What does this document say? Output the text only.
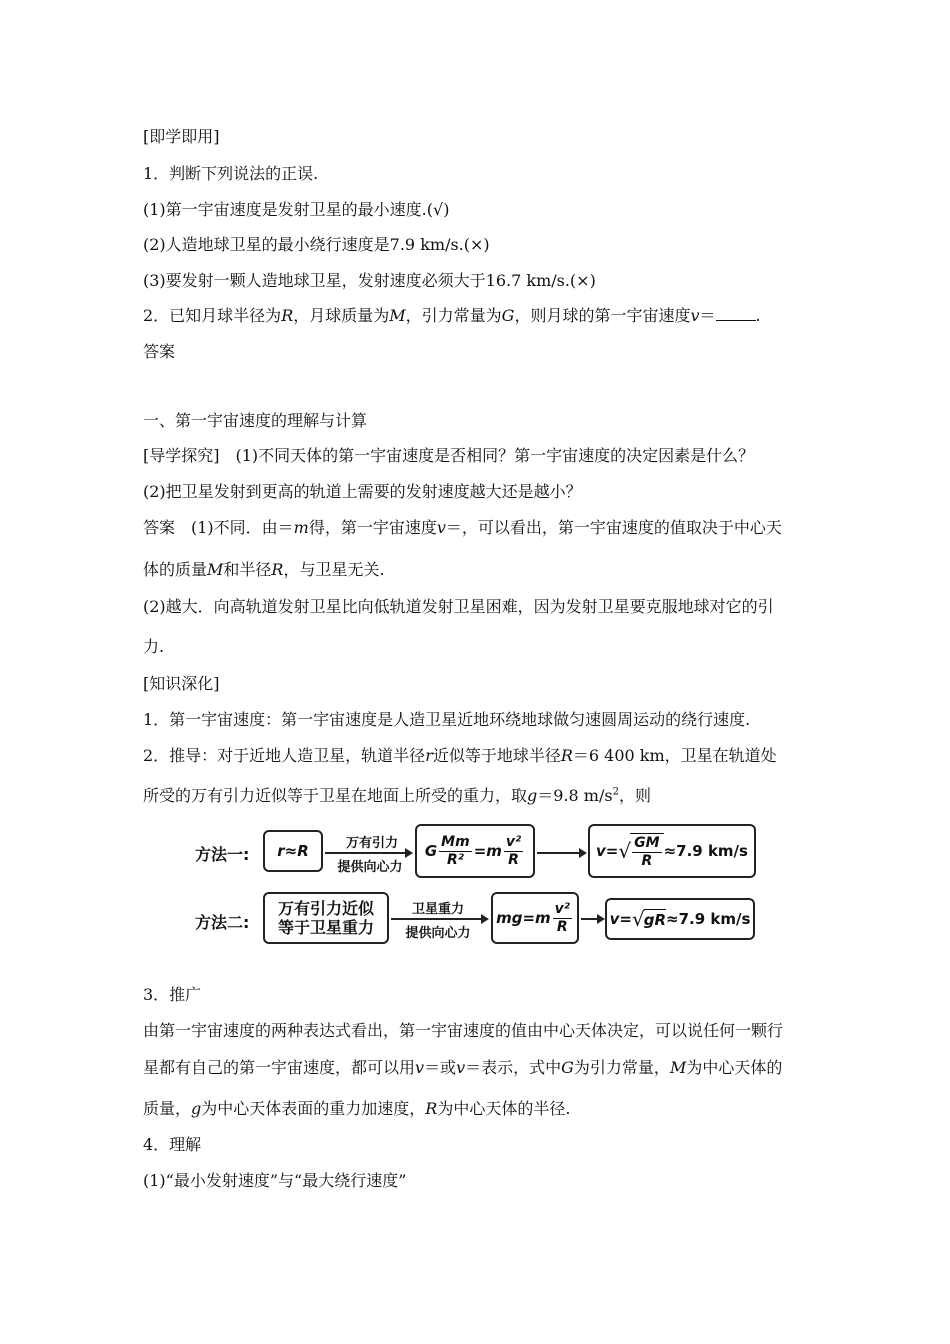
[即学即用]
1．判断下列说法的正误.
(1)第一宇宙速度是发射卫星的最小速度.(√)
(2)人造地球卫星的最小绕行速度是7.9 km/s.(×)
(3)要发射一颗人造地球卫星，发射速度必须大于16.7 km/s.(×)
2．已知月球半径为R，月球质量为M，引力常量为G，则月球的第一宇宙速度v＝	.
答案
一、第一宇宙速度的理解与计算
[导学探究]　(1)不同天体的第一宇宙速度是否相同？第一宇宙速度的决定因素是什么？
(2)把卫星发射到更高的轨道上需要的发射速度越大还是越小？
答案　(1)不同．由＝m得，第一宇宙速度v＝，可以看出，第一宇宙速度的值取决于中心天
体的质量M和半径R，与卫星无关.
(2)越大．向高轨道发射卫星比向低轨道发射卫星困难，因为发射卫星要克服地球对它的引
力.
[知识深化]
1．第一宇宙速度：第一宇宙速度是人造卫星近地环绕地球做匀速圆周运动的绕行速度.
2．推导：对于近地人造卫星，轨道半径r近似等于地球半径R＝6 400 km，卫星在轨道处
所受的万有引力近似等于卫星在地面上所受的重力，取g＝9.8 $m/s^2$，则
方法一: r≈R	万有引力
提供向心力
G $\frac{Mm}{\text{R²}} =m \frac{\text{v²}}{R}$	v= √ $\frac{GM}{R} \approx 7.9$ km/s
方法二:
万有引力近似
等于卫星重力
卫星重力
提供向心力
$mg=m \frac{\text{v²}}{R}$	v= √ gR ≈7.9 km/s
3．推广
由第一宇宙速度的两种表达式看出，第一宇宙速度的值由中心天体决定，可以说任何一颗行
星都有自己的第一宇宙速度，都可以用v＝或v＝表示，式中G为引力常量，M为中心天体的
质量，g为中心天体表面的重力加速度，R为中心天体的半径.
4．理解
(1)“最小发射速度”与“最大绕行速度”
